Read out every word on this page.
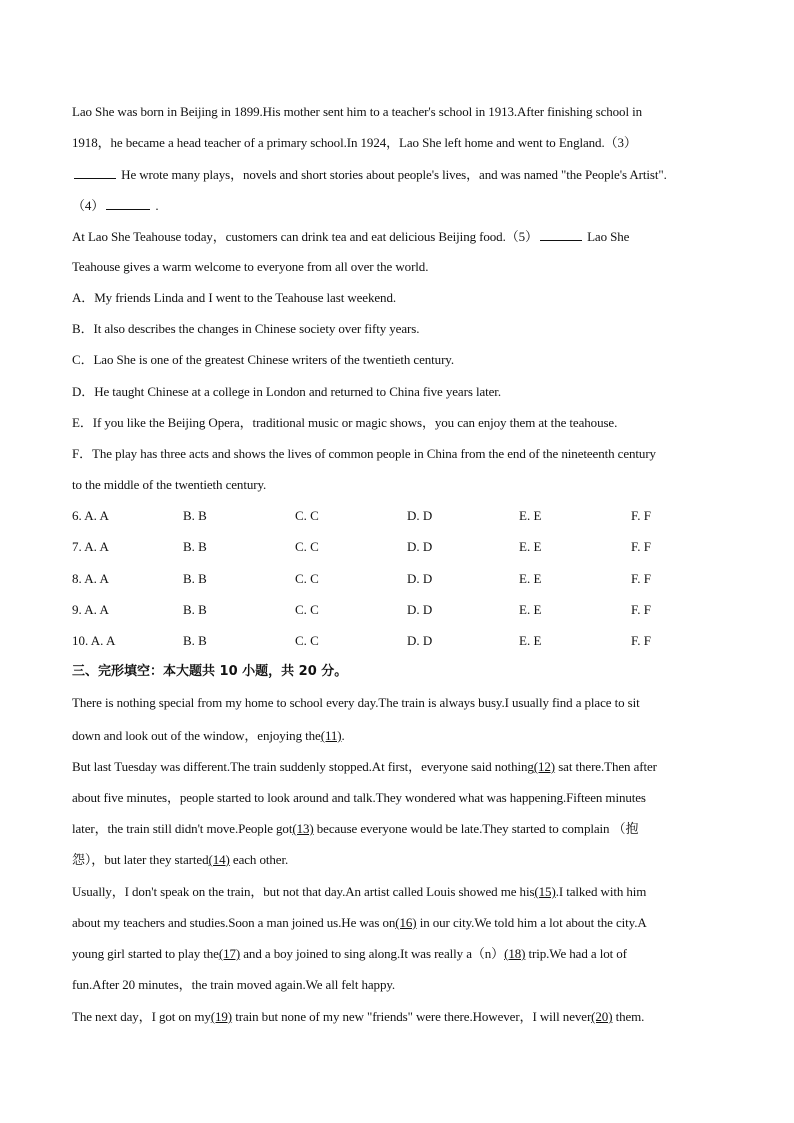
Lao She was born in Beijing in 1899.His mother sent him to a teacher's school in 1913.After finishing school in
1918，he became a head teacher of a primary school.In 1924，Lao She left home and went to England.（3）
He wrote many plays，novels and short stories about people's lives，and was named "the People's Artist".
（4）	.
At Lao She Teahouse today，customers can drink tea and eat delicious Beijing food.（5）	Lao She
Teahouse gives a warm welcome to everyone from all over the world.
A．My friends Linda and I went to the Teahouse last weekend.
B．It also describes the changes in Chinese society over fifty years.
C．Lao She is one of the greatest Chinese writers of the twentieth century.
D．He taught Chinese at a college in London and returned to China five years later.
E．If you like the Beijing Opera，traditional music or magic shows，you can enjoy them at the teahouse.
F．The play has three acts and shows the lives of common people in China from the end of the nineteenth century
to the middle of the twentieth century.
6. A. A	B. B	C. C	D. D	E. E	F. F
7. A. A	B. B	C. C	D. D	E. E	F. F
8. A. A	B. B	C. C	D. D	E. E	F. F
9. A. A	B. B	C. C	D. D	E. E	F. F
10. A. A	B. B	C. C	D. D	E. E	F. F
三、完形填空：本大题共 10 小题，共 20 分。
There is nothing special from my home to school every day.The train is always busy.I usually find a place to sit
down and look out of the window，enjoying the(11).
But last Tuesday was different.The train suddenly stopped.At first，everyone said nothing(12) sat there.Then after
about five minutes，people started to look around and talk.They wondered what was happening.Fifteen minutes
later，the train still didn't move.People got(13) because everyone would be late.They started to complain （抱
怨），but later they started(14) each other.
Usually，I don't speak on the train，but not that day.An artist called Louis showed me his(15).I talked with him
about my teachers and studies.Soon a man joined us.He was on(16) in our city.We told him a lot about the city.A
young girl started to play the(17) and a boy joined to sing along.It was really a（n）(18) trip.We had a lot of
fun.After 20 minutes，the train moved again.We all felt happy.
The next day，I got on my(19) train but none of my new "friends" were there.However，I will never(20) them.
